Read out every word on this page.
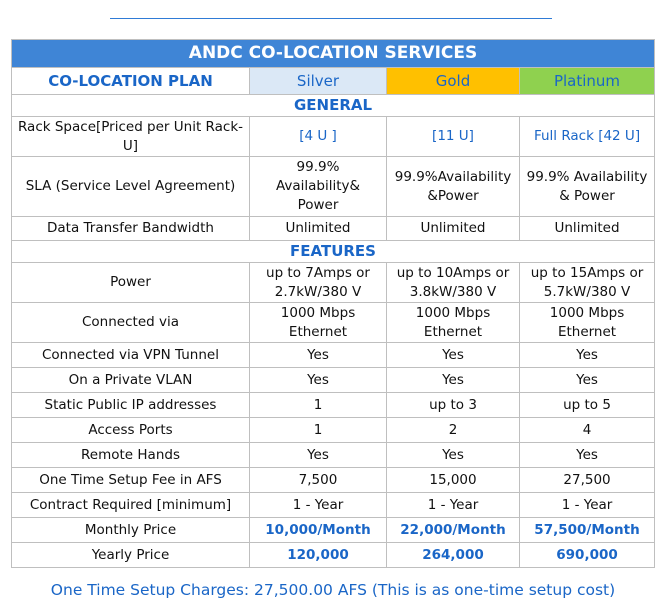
ANDC CO-LOCATION SERVICES			
CO-LOCATION PLAN	Silver	Gold	Platinum
GENERAL			
Rack Space[Priced per Unit Rack-U]	[4 U ]	[11 U]	Full Rack [42 U]
SLA (Service Level Agreement)	99.9% Availability& Power	99.9%Availability &Power	99.9% Availability & Power
Data Transfer Bandwidth	Unlimited	Unlimited	Unlimited
FEATURES			
Power	up to 7Amps or 2.7kW/380 V	up to 10Amps or 3.8kW/380 V	up to 15Amps or 5.7kW/380 V
Connected via	1000 Mbps Ethernet	1000 Mbps Ethernet	1000 Mbps Ethernet
Connected via VPN Tunnel	Yes	Yes	Yes
On a Private VLAN	Yes	Yes	Yes
Static Public IP addresses	1	up to 3	up to 5
Access Ports	1	2	4
Remote Hands	Yes	Yes	Yes
One Time Setup Fee in AFS	7,500	15,000	27,500
Contract Required [minimum]	1 - Year	1 - Year	1 - Year
Monthly Price	10,000/Month	22,000/Month	57,500/Month
Yearly Price	120,000	264,000	690,000
One Time Setup Charges: 27,500.00 AFS (This is as one-time setup cost)
